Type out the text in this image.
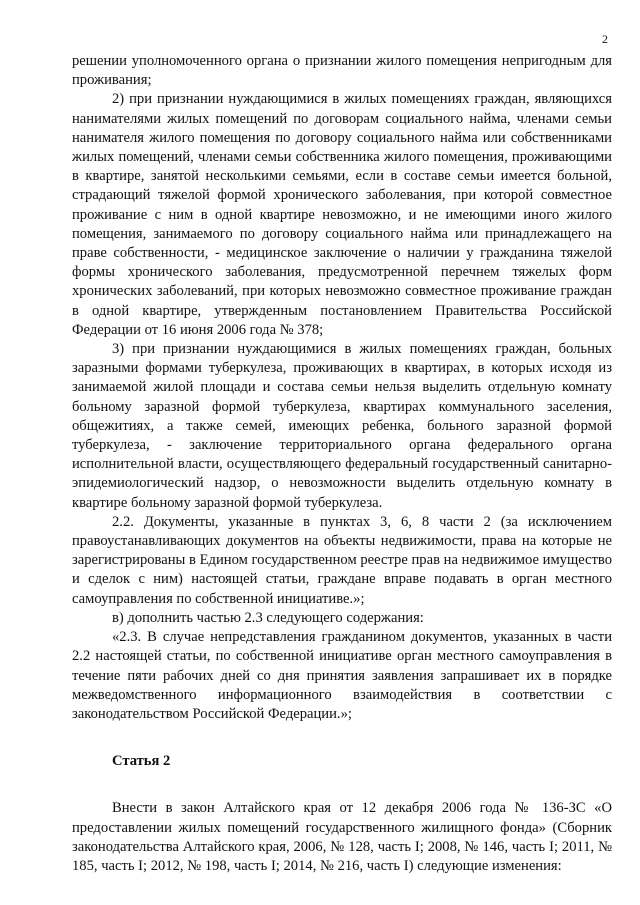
2

решении уполномоченного органа о признании жилого помещения непригодным для проживания;

2) при признании нуждающимися в жилых помещениях граждан, являющихся нанимателями жилых помещений по договорам социального найма, членами семьи нанимателя жилого помещения по договору социального найма или собственниками жилых помещений, членами семьи собственника жилого помещения, проживающими в квартире, занятой несколькими семьями, если в составе семьи имеется больной, страдающий тяжелой формой хронического заболевания, при которой совместное проживание с ним в одной квартире невозможно, и не имеющими иного жилого помещения, занимаемого по договору социального найма или принадлежащего на праве собственности, - медицинское заключение о наличии у гражданина тяжелой формы хронического заболевания, предусмотренной перечнем тяжелых форм хронических заболеваний, при которых невозможно совместное проживание граждан в одной квартире, утвержденным постановлением Правительства Российской Федерации от 16 июня 2006 года № 378;

3) при признании нуждающимися в жилых помещениях граждан, больных заразными формами туберкулеза, проживающих в квартирах, в которых исходя из занимаемой жилой площади и состава семьи нельзя выделить отдельную комнату больному заразной формой туберкулеза, квартирах коммунального заселения, общежитиях, а также семей, имеющих ребенка, больного заразной формой туберкулеза, - заключение территориального органа федерального органа исполнительной власти, осуществляющего федеральный государственный санитарно-эпидемиологический надзор, о невозможности выделить отдельную комнату в квартире больному заразной формой туберкулеза.

2.2. Документы, указанные в пунктах 3, 6, 8 части 2 (за исключением правоустанавливающих документов на объекты недвижимости, права на которые не зарегистрированы в Едином государственном реестре прав на недвижимое имущество и сделок с ним) настоящей статьи, граждане вправе подавать в орган местного самоуправления по собственной инициативе.»;

в) дополнить частью 2.3 следующего содержания:

«2.3. В случае непредставления гражданином документов, указанных в части 2.2 настоящей статьи, по собственной инициативе орган местного самоуправления в течение пяти рабочих дней со дня принятия заявления запрашивает их в порядке межведомственного информационного взаимодействия в соответствии с законодательством Российской Федерации.»;

Статья 2

Внести в закон Алтайского края от 12 декабря 2006 года № 136-ЗС «О предоставлении жилых помещений государственного жилищного фонда» (Сборник законодательства Алтайского края, 2006, № 128, часть I; 2008, № 146, часть I; 2011, № 185, часть I; 2012, № 198, часть I; 2014, № 216, часть I) следующие изменения:
